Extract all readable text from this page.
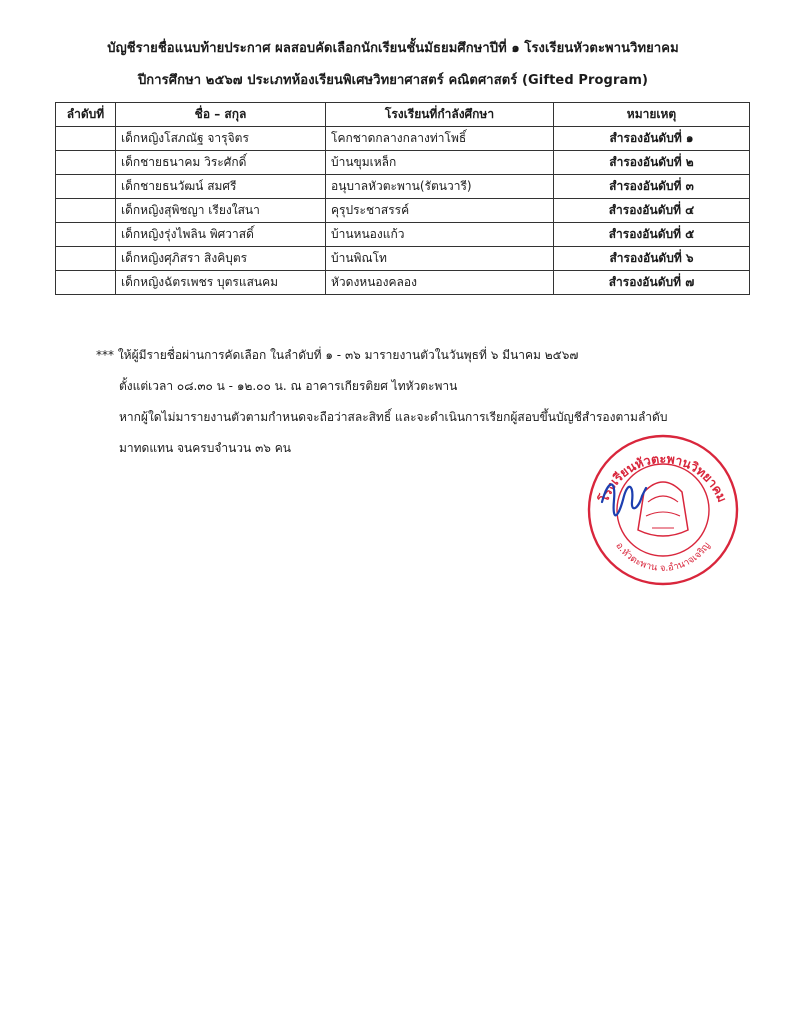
บัญชีรายชื่อแนบท้ายประกาศ ผลสอบคัดเลือกนักเรียนชั้นมัธยมศึกษาปีที่ ๑ โรงเรียนหัวตะพานวิทยาคม
ปีการศึกษา ๒๕๖๗ ประเภทห้องเรียนพิเศษวิทยาศาสตร์ คณิตศาสตร์ (Gifted Program)
ลำดับที่	ชื่อ – สกุล	โรงเรียนที่กำลังศึกษา	หมายเหตุ
	เด็กหญิงโสภณัฐ จารุจิตร	โคกชาดกลางกลางท่าโพธิ์	สำรองอันดับที่ ๑
	เด็กชายธนาคม วิระศักดิ์	บ้านขุมเหล็ก	สำรองอันดับที่ ๒
	เด็กชายธนวัฒน์ สมศรี	อนุบาลหัวตะพาน(รัตนวารี)	สำรองอันดับที่ ๓
	เด็กหญิงสุพิชญา เรียงใสนา	คุรุประชาสรรค์	สำรองอันดับที่ ๔
	เด็กหญิงรุ่งไพลิน พิศวาสดิ์	บ้านหนองแก้ว	สำรองอันดับที่ ๕
	เด็กหญิงศุภิสรา สิงคิบุตร	บ้านพิณโท	สำรองอันดับที่ ๖
	เด็กหญิงฉัตรเพชร บุตรแสนคม	หัวดงหนองคลอง	สำรองอันดับที่ ๗
*** ให้ผู้มีรายชื่อผ่านการคัดเลือก ในลำดับที่ ๑ - ๓๖ มารายงานตัวในวันพุธที่ ๖ มีนาคม ๒๕๖๗
ตั้งแต่เวลา ๐๘.๓๐ น - ๑๒.๐๐ น. ณ อาคารเกียรติยศ ไทหัวตะพาน
หากผู้ใดไม่มารายงานตัวตามกำหนดจะถือว่าสละสิทธิ์ และจะดำเนินการเรียกผู้สอบขึ้นบัญชีสำรองตามลำดับ
มาทดแทน จนครบจำนวน ๓๖ คน
โรงเรียนหัวตะพานวิทยาคม
อ.หัวตะพาน จ.อำนาจเจริญ
